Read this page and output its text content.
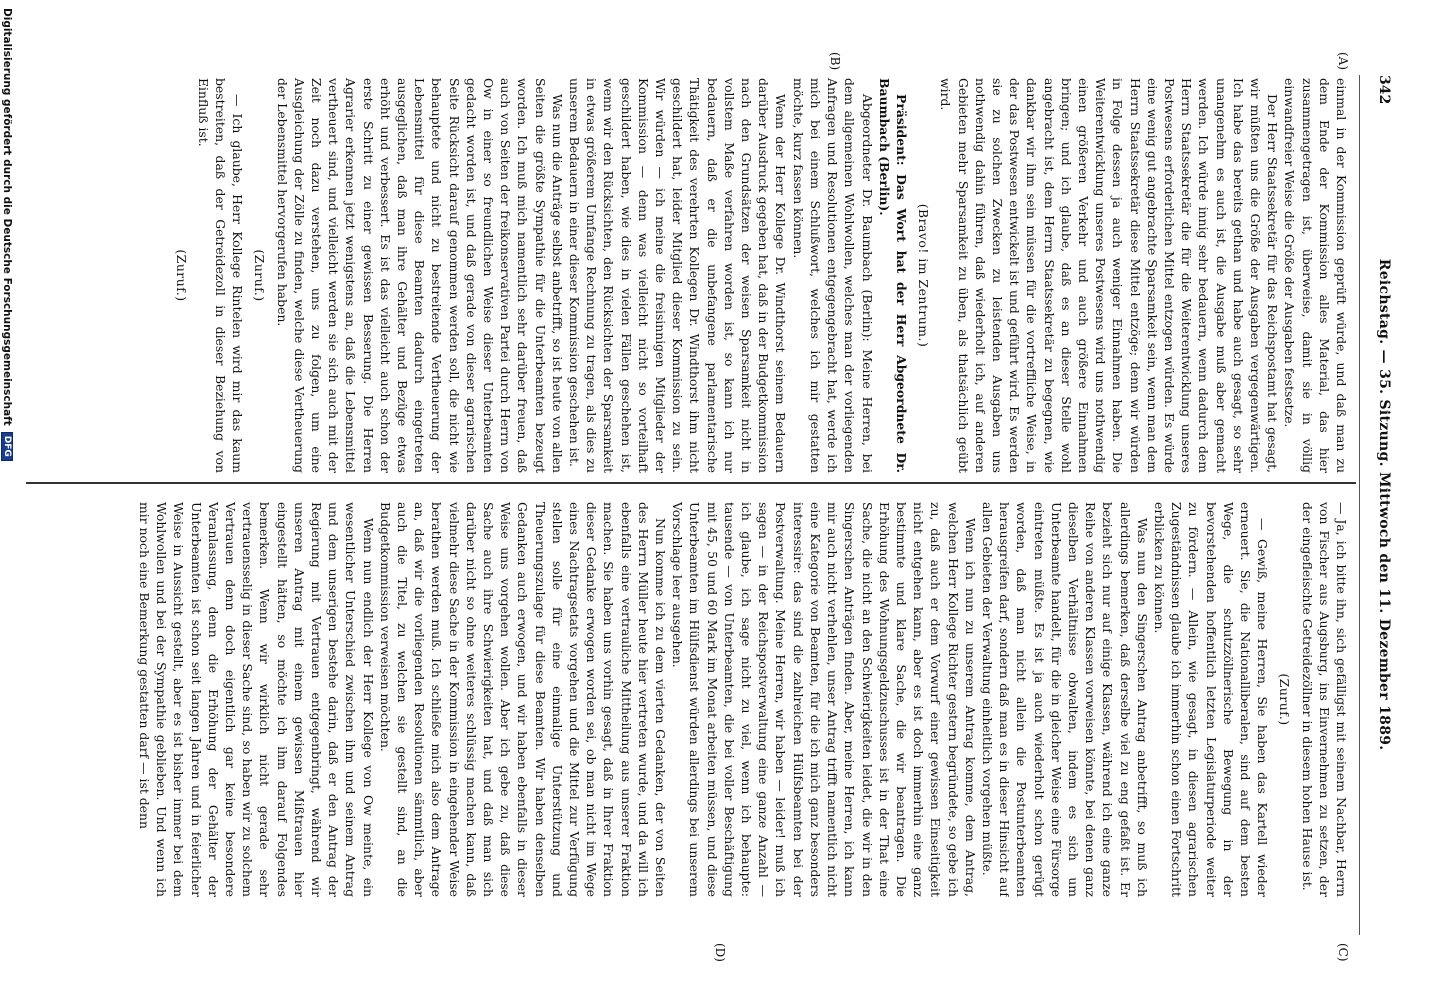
342
Reichstag. — 35. Sitzung. Mittwoch den 11. Dezember 1889.
(A)
(B)
(C)
(D)

einmal in der Kommission geprüft würde, und daß man zu dem Ende der Kommission alles Material, das hier zusammengetragen ist, überweise, damit sie in völlig einwandfreier Weise die Größe der Ausgaben festsetze.

Der Herr Staatssekretär für das Reichspostamt hat gesagt, wir müßten uns die Größe der Ausgaben vergegenwärtigen. Ich habe das bereits gethan und habe auch gesagt, so sehr unangenehm es auch ist, die Ausgabe muß aber gemacht werden. Ich würde innig sehr bedauern, wenn dadurch dem Herrn Staatssekretär die für die Weiterentwicklung unseres Postwesens erforderlichen Mittel entzogen würden. Es würde eine wenig gut angebrachte Sparsamkeit sein, wenn man dem Herrn Staatssekretär diese Mittel entzöge; denn wir würden in Folge dessen ja auch weniger Einnahmen haben. Die Weiterentwicklung unseres Postwesens wird uns nothwendig einen größeren Verkehr und auch größere Einnahmen bringen; und ich glaube, daß es an dieser Stelle wohl angebracht ist, dem Herrn Staatssekretär zu begegnen, wie dankbar wir ihm sein müssen für die vortreffliche Weise, in der das Postwesen entwickelt ist und geführt wird. Es werden sie zu solchen Zwecken zu leistenden Ausgaben uns nothwendig dahin führen, daß wiederholt ich, auf anderen Gebieten mehr Sparsamkeit zu üben, als thatsächlich geübt wird.

(Bravo! im Zentrum.)

Präsident: Das Wort hat der Herr Abgeordnete Dr. Baumbach (Berlin).

Abgeordneter Dr. Baumbach (Berlin): Meine Herren, bei dem allgemeinen Wohlwollen, welches man der vorliegenden Anfragen und Resolutionen entgegengebracht hat, werde ich mich bei einem Schlußwort, welches ich mir gestatten möchte, kurz fassen können.

Wenn der Herr Kollege Dr. Windthorst seinem Bedauern darüber Ausdruck gegeben hat, daß in der Budgetkommission nach den Grundsätzen der weisen Sparsamkeit nicht in vollstem Maße verfahren worden ist, so kann ich nur bedauern, daß er die unbefangene parlamentarische Thätigkeit des verehrten Kollegen Dr. Windthorst ihm nicht geschildert hat, leider Mitglied dieser Kommission zu sein. Wir würden — ich meine die freisinnigen Mitglieder der Kommission — denn was vielleicht nicht so vorteilhaft geschildert haben, wie dies in vielen Fällen geschehen ist, wenn wir den Rücksichten, den Rücksichten der Sparsamkeit in etwas größerem Umfange Rechnung zu tragen, als dies zu unserem Bedauern in einer dieser Kommission geschehen ist.

Was nun die Anträge selbst anbetrifft, so ist heute von allen Seiten die größte Sympathie für die Unterbeamten bezeugt worden. Ich muß mich namentlich sehr darüber freuen, daß auch von Seiten der freikonservativen Partei durch Herrn von Ow in einer so freundlichen Weise dieser Unterbeamten gedacht worden ist, und daß gerade von dieser agrarischen Seite Rücksicht darauf genommen werden soll, die nicht wie behauptete und nicht zu bestreitende Vertheuerung der Lebensmittel für diese Beamten dadurch eingetreten ausgeglichen, daß man ihre Gehälter und Bezüge etwas erhöht und verbessert. Es ist das vielleicht auch schon der erste Schritt zu einer gewissen Besserung. Die Herren Agrarier erkennen jetzt wenigstens an, daß die Lebensmittel vertheuert sind, und vielleicht werden sie sich auch mit der Zeit noch dazu verstehen, uns zu folgen, um eine Ausgleichung der Zölle zu finden, welche diese Vertheuerung der Lebensmittel hervorgerufen haben.

(Zuruf.)

— Ich glaube, Herr Kollege Rintelen wird mir das kaum bestreiten, daß der Getreidezoll in dieser Beziehung von Einfluß ist.

(Zuruf.)

— Ja, ich bitte ihn, sich gefälligst mit seinem Nachbar, Herrn von Fischer aus Augsburg, ins Einvernehmen zu setzen, der der eingefleischte Getreidezöllner in diesem hohen Hause ist.

(Zuruf.)

— Gewiß, meine Herren, Sie haben das Kartell wieder erneuert. Sie, die Nationalliberalen, sind auf dem besten Wege, die schutzzöllnerische Bewegung in der bevorstehenden hoffentlich letzten Legislaturperiode weiter zu fördern. — Allein, wie gesagt, in diesen agrarischen Zugeständnissen glaube ich immerhin schon einen Fortschritt erblicken zu können.

Was nun den Singerschen Antrag anbetrifft, so muß ich allerdings bemerken, daß derselbe viel zu eng gefaßt ist. Er bezieht sich nur auf einige Klassen, während ich eine ganze Reihe von anderen Klassen vorweisen könnte, bei denen ganz dieselben Verhältnisse obwalten, indem es sich um Unterbeamte handelt, für die in gleicher Weise eine Fürsorge eintreten müßte. Es ist ja auch wiederholt schon gerügt worden, daß man nicht allein die Postunterbeamten herausgreifen darf, sondern daß man es in dieser Hinsicht auf allen Gebieten der Verwaltung einheitlich vorgehen müßte.

Wenn ich nun zu unserem Antrag komme, dem Antrag, welchen Herr Kollege Richter gestern begründete, so gebe ich zu, daß auch er dem Vorwurf einer gewissen Einseitigkeit nicht entgehen kann, aber es ist doch immerhin eine ganz bestimmte und klare Sache, die wir beantragen. Die Erhöhung des Wohnungsgeldzuschusses ist in der That eine Sache, die nicht an den Schwierigkeiten leidet, die wir in den Singerschen Anträgen finden. Aber, meine Herren, ich kann mir auch nicht verhehlen, unser Antrag trifft namentlich nicht eine Kategorie von Beamten, für die ich mich ganz besonders interessire: das sind die zahlreichen Hülfsbeamten bei der Postverwaltung. Meine Herren, wir haben — leider! muß ich sagen — in der Reichspostverwaltung eine ganze Anzahl — ich glaube, ich sage nicht zu viel, wenn ich behaupte: tausende — von Unterbeamten, die bei voller Beschäftigung mit 45, 50 und 60 Mark im Monat arbeiten müssen, und diese Unterbeamten im Hülfsdienst würden allerdings bei unserem Vorschlage leer ausgehen.

Nun komme ich zu dem vierten Gedanken, der von Seiten des Herrn Müller heute hier vertreten wurde, und da will ich ebenfalls eine vertrauliche Mittheilung aus unserer Fraktion machen. Sie haben uns vorhin gesagt, daß in Ihrer Fraktion dieser Gedanke erwogen worden sei, ob man nicht im Wege eines Nachtragsetats vorgehen und die Mittel zur Verfügung stellen solle für eine einmalige Unterstützung und Theuerungszulage für diese Beamten. Wir haben denselben Gedanken auch erwogen, und wir haben ebenfalls in dieser Weise uns vorgehen wollen. Aber ich gebe zu, daß diese Sache auch ihre Schwierigkeiten hat, und daß man sich darüber nicht so ohne weiteres schlüssig machen kann, daß vielmehr diese Sache in der Kommission in eingehender Weise berathen werden muß. Ich schließe mich also dem Antrage an, daß wir die vorliegenden Resolutionen sämmtlich, aber auch die Titel, zu welchen sie gestellt sind, an die Budgetkommission verweisen möchten.

Wenn nun endlich der Herr Kollege von Ow meinte, ein wesentlicher Unterschied zwischen ihm und seinem Antrag und dem unserigen bestehe darin, daß er den Antrag der Regierung mit Vertrauen entgegenbringt, während wir unseren Antrag mit einem gewissen Mißtrauen hier eingestellt hätten, so möchte ich ihm darauf Folgendes bemerken. Wenn wir wirklich nicht gerade sehr vertrauensselig in dieser Sache sind, so haben wir zu solchem Vertrauen denn doch eigentlich gar keine besondere Veranlassung, denn die Erhöhung der Gehälter der Unterbeamten ist schon seit langen Jahren und in feierlicher Weise in Aussicht gestellt, aber es ist bisher immer bei dem Wohlwollen und bei der Sympathie geblieben. Und wenn ich mir noch eine Bemerkung gestatten darf — ist denn

Digitalisierung gefördert durch die Deutsche Forschungsgemeinschaft
DFG
